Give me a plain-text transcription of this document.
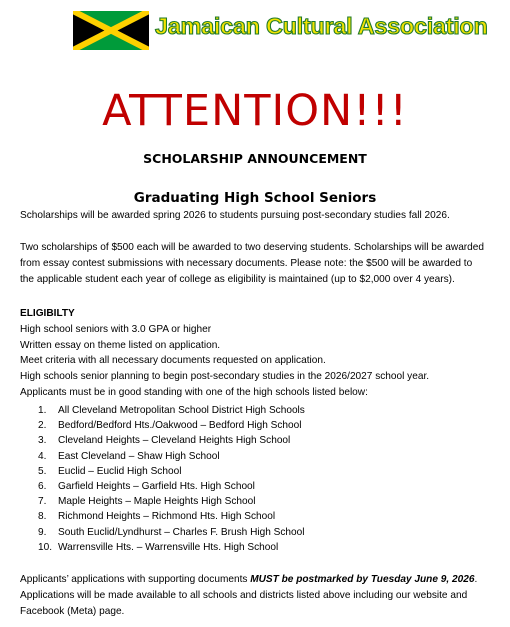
Jamaican Cultural Association
ATTENTION!!!
SCHOLARSHIP ANNOUNCEMENT
Graduating High School Seniors
Scholarships will be awarded spring 2026 to students pursuing post-secondary studies fall 2026.
Two scholarships of $500 each will be awarded to two deserving students. Scholarships will be awarded
from essay contest submissions with necessary documents. Please note: the $500 will be awarded to
the applicable student each year of college as eligibility is maintained (up to $2,000 over 4 years).
ELIGIBILTY
High school seniors with 3.0 GPA or higher
Written essay on theme listed on application.
Meet criteria with all necessary documents requested on application.
High schools senior planning to begin post-secondary studies in the 2026/2027 school year.
Applicants must be in good standing with one of the high schools listed below:
1.	All Cleveland Metropolitan School District High Schools
2.	Bedford/Bedford Hts./Oakwood – Bedford High School
3.	Cleveland Heights – Cleveland Heights High School
4.	East Cleveland – Shaw High School
5.	Euclid – Euclid High School
6.	Garfield Heights – Garfield Hts. High School
7.	Maple Heights – Maple Heights High School
8.	Richmond Heights – Richmond Hts. High School
9.	South Euclid/Lyndhurst – Charles F. Brush High School
10. Warrensville Hts. – Warrensville Hts. High School
Applicants’ applications with supporting documents MUST be postmarked by Tuesday June 9, 2026.
Applications will be made available to all schools and districts listed above including our website and
Facebook (Meta) page.
